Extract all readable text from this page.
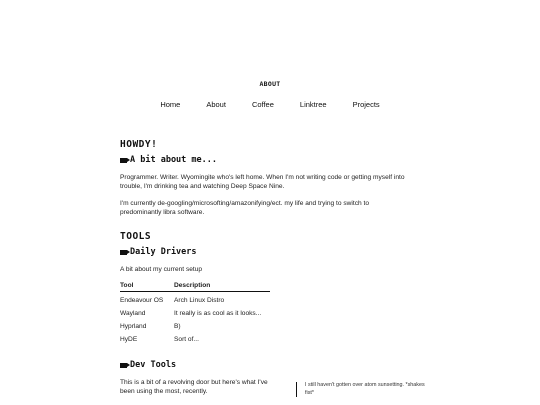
ABOUT
Home	About	Coffee	Linktree	Projects
HOWDY!
A bit about me...

Programmer. Writer. Wyomingite who's left home. When I'm not writing code or getting myself into trouble, I'm drinking tea and watching Deep Space Nine.

I'm currently de-googling/microsofting/amazonifying/ect. my life and trying to switch to predominantly libra software.

TOOLS
Daily Drivers

A bit about my current setup

Tool	Description
Endeavour OS	Arch Linux Distro
Wayland	It really is as cool as it looks...
Hyprland	B)
HyDE	Sort of...
Dev Tools

This is a bit of a revolving door but here's what I've been using the most, recently.

I still haven't gotten over atom sunsetting. *shakes fist*
